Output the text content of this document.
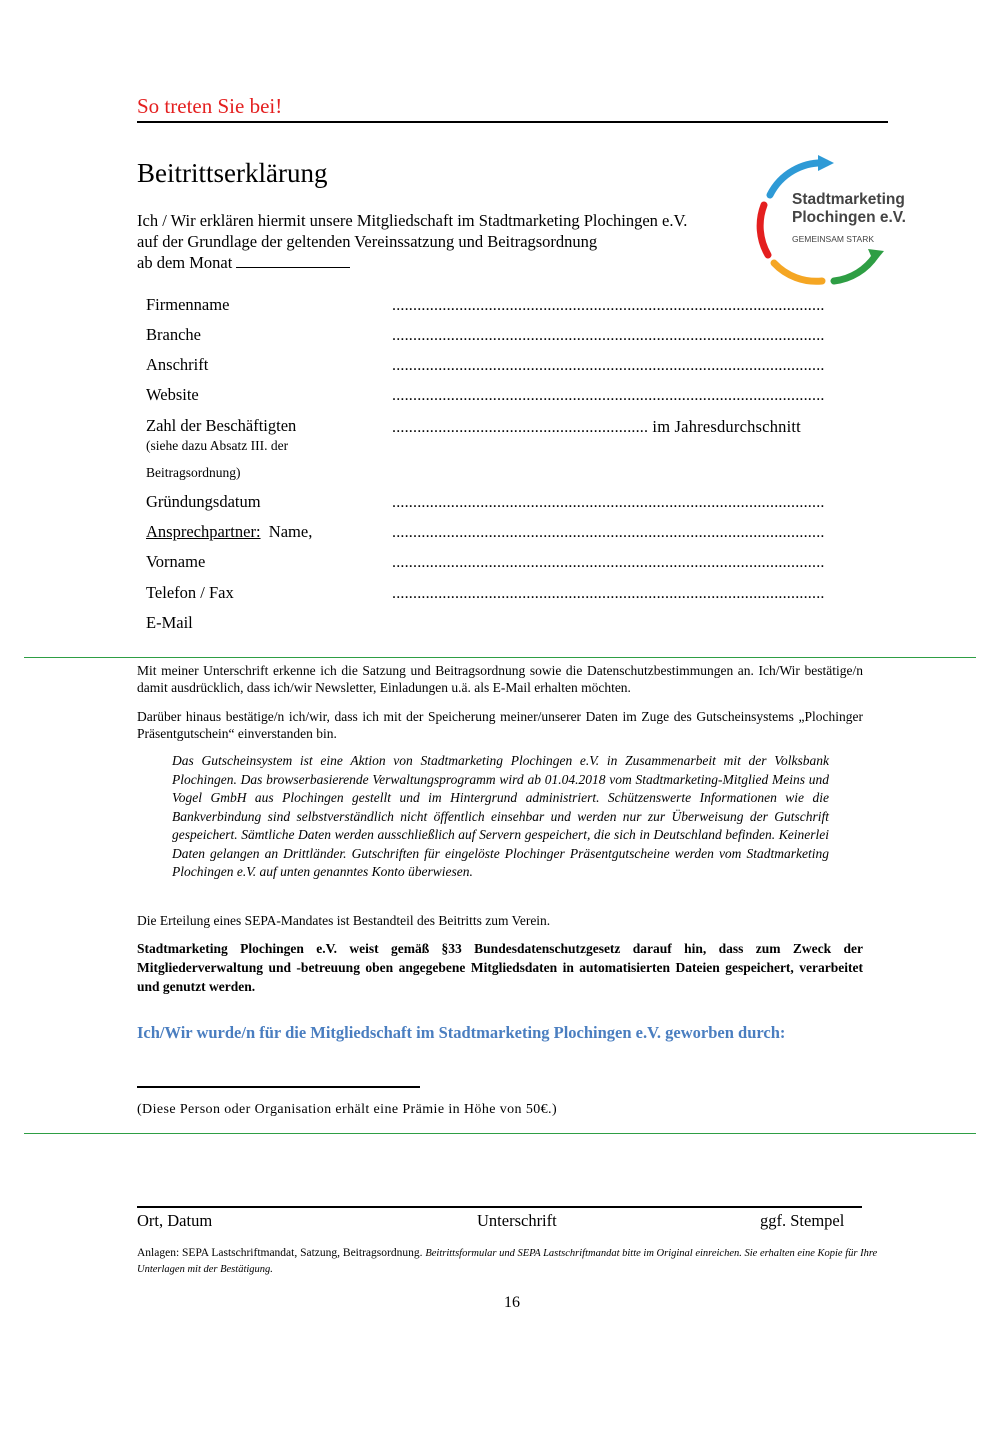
So treten Sie bei!
Beitrittserklärung
Ich / Wir erklären hiermit unsere Mitgliedschaft im Stadtmarketing Plochingen e.V.
auf der Grundlage der geltenden Vereinssatzung und Beitragsordnung
ab dem Monat
Stadtmarketing
Plochingen e.V.
GEMEINSAM STARK
Firmenname	.......................................................................................................
Branche	.......................................................................................................
Anschrift	.......................................................................................................
Website	.......................................................................................................
Zahl der Beschäftigten	............................................................. im Jahresdurchschnitt
(siehe dazu Absatz III. der
Beitragsordnung)
Gründungsdatum	.......................................................................................................
Ansprechpartner: Name,	.......................................................................................................
Vorname	.......................................................................................................
Telefon / Fax	.......................................................................................................
E-Mail
Mit meiner Unterschrift erkenne ich die Satzung und Beitragsordnung sowie die Datenschutzbestimmungen an. Ich/Wir bestätige/n damit ausdrücklich, dass ich/wir Newsletter, Einladungen u.ä. als E-Mail erhalten möchten.
Darüber hinaus bestätige/n ich/wir, dass ich mit der Speicherung meiner/unserer Daten im Zuge des Gutscheinsystems „Plochinger Präsentgutschein“ einverstanden bin.
Das Gutscheinsystem ist eine Aktion von Stadtmarketing Plochingen e.V. in Zusammenarbeit mit der Volksbank Plochingen. Das browserbasierende Verwaltungsprogramm wird ab 01.04.2018 vom Stadtmarketing-Mitglied Meins und Vogel GmbH aus Plochingen gestellt und im Hintergrund administriert. Schützenswerte Informationen wie die Bankverbindung sind selbstverständlich nicht öffentlich einsehbar und werden nur zur Überweisung der Gutschrift gespeichert. Sämtliche Daten werden ausschließlich auf Servern gespeichert, die sich in Deutschland befinden. Keinerlei Daten gelangen an Drittländer. Gutschriften für eingelöste Plochinger Präsentgutscheine werden vom Stadtmarketing Plochingen e.V. auf unten genanntes Konto überwiesen.
Die Erteilung eines SEPA-Mandates ist Bestandteil des Beitritts zum Verein.
Stadtmarketing Plochingen e.V. weist gemäß §33 Bundesdatenschutzgesetz darauf hin, dass zum Zweck der Mitgliederverwaltung und -betreuung oben angegebene Mitgliedsdaten in automatisierten Dateien gespeichert, verarbeitet und genutzt werden.
Ich/Wir wurde/n für die Mitgliedschaft im Stadtmarketing Plochingen e.V. geworben durch:
(Diese Person oder Organisation erhält eine Prämie in Höhe von 50€.)
Ort, Datum	Unterschrift	ggf. Stempel
Anlagen: SEPA Lastschriftmandat, Satzung, Beitragsordnung. Beitrittsformular und SEPA Lastschriftmandat bitte im Original einreichen. Sie erhalten eine Kopie für Ihre Unterlagen mit der Bestätigung.
16
